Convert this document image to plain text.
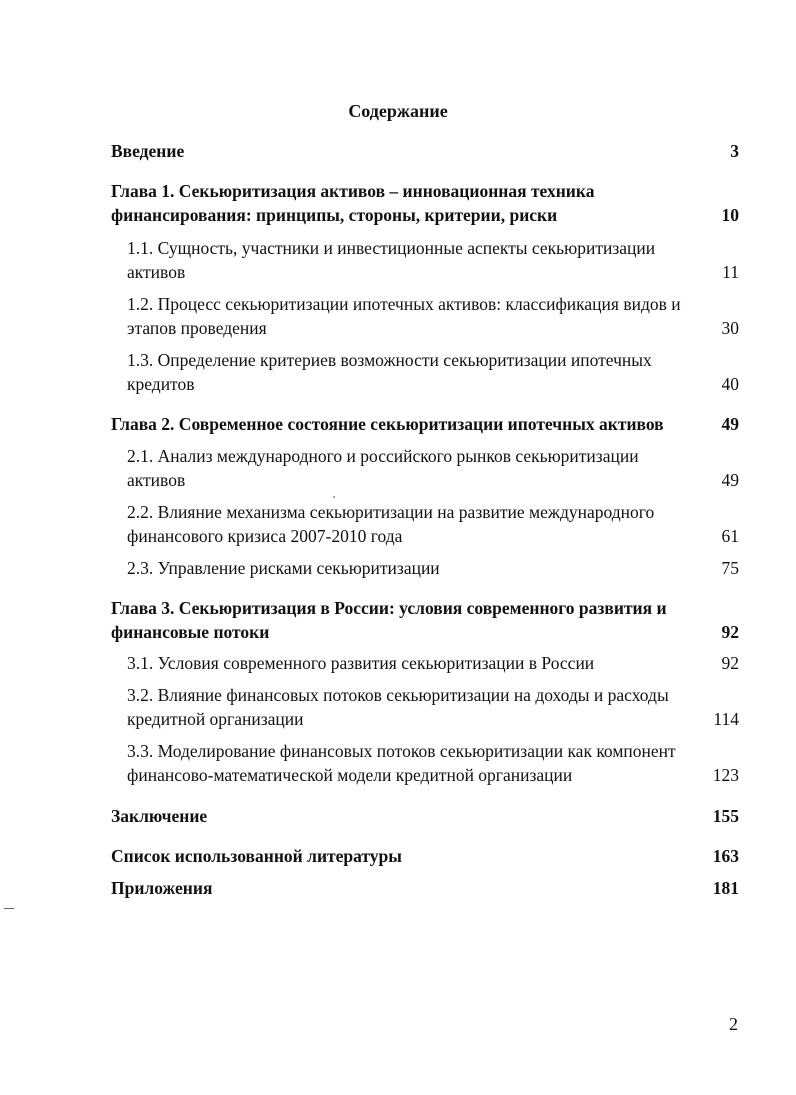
Содержание
Введение	3
Глава 1. Секьюритизация активов – инновационная техника
финансирования: принципы, стороны, критерии, риски	10
1.1. Сущность, участники и инвестиционные аспекты секьюритизации
активов	11
1.2. Процесс секьюритизации ипотечных активов: классификация видов и
этапов проведения	30
1.3. Определение критериев возможности секьюритизации ипотечных
кредитов	40
Глава 2. Современное состояние секьюритизации ипотечных активов	49
2.1. Анализ международного и российского рынков секьюритизации
активов	49
2.2. Влияние механизма секьюритизации на развитие международного
финансового кризиса 2007-2010 года	61
2.3. Управление рисками секьюритизации	75
Глава 3. Секьюритизация в России: условия современного развития и
финансовые потоки	92
3.1. Условия современного развития секьюритизации в России	92
3.2. Влияние финансовых потоков секьюритизации на доходы и расходы
кредитной организации	114
3.3. Моделирование финансовых потоков секьюритизации как компонент
финансово-математической модели кредитной организации	123
Заключение	155
Список использованной литературы	163
Приложения	181
2
